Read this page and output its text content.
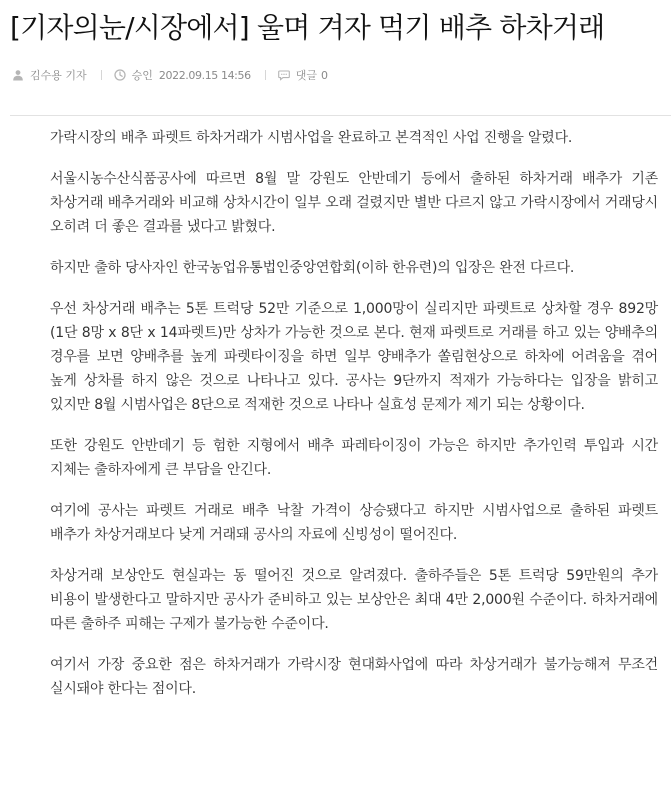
[기자의눈/시장에서] 울며 겨자 먹기 배추 하차거래
김수용 기자	승인 2022.09.15 14:56	댓글 0

가락시장의 배추 파렛트 하차거래가 시범사업을 완료하고 본격적인 사업 진행을 알렸다.

서울시농수산식품공사에 따르면 8월 말 강원도 안반데기 등에서 출하된 하차거래 배추가 기존 차상거래 배추거래와 비교해 상차시간이 일부 오래 걸렸지만 별반 다르지 않고 가락시장에서 거래당시 오히려 더 좋은 결과를 냈다고 밝혔다.

하지만 출하 당사자인 한국농업유통법인중앙연합회(이하 한유련)의 입장은 완전 다르다.

우선 차상거래 배추는 5톤 트럭당 52만 기준으로 1,000망이 실리지만 파렛트로 상차할 경우 892망(1단 8망 x 8단 x 14파렛트)만 상차가 가능한 것으로 본다. 현재 파렛트로 거래를 하고 있는 양배추의 경우를 보면 양배추를 높게 파렛타이징을 하면 일부 양배추가 쏠림현상으로 하차에 어려움을 겪어 높게 상차를 하지 않은 것으로 나타나고 있다. 공사는 9단까지 적재가 가능하다는 입장을 밝히고 있지만 8월 시범사업은 8단으로 적재한 것으로 나타나 실효성 문제가 제기 되는 상황이다.

또한 강원도 안반데기 등 험한 지형에서 배추 파레타이징이 가능은 하지만 추가인력 투입과 시간 지체는 출하자에게 큰 부담을 안긴다.

여기에 공사는 파렛트 거래로 배추 낙찰 가격이 상승됐다고 하지만 시범사업으로 출하된 파렛트 배추가 차상거래보다 낮게 거래돼 공사의 자료에 신빙성이 떨어진다.

차상거래 보상안도 현실과는 동 떨어진 것으로 알려졌다. 출하주들은 5톤 트럭당 59만원의 추가 비용이 발생한다고 말하지만 공사가 준비하고 있는 보상안은 최대 4만 2,000원 수준이다. 하차거래에 따른 출하주 피해는 구제가 불가능한 수준이다.

여기서 가장 중요한 점은 하차거래가 가락시장 현대화사업에 따라 차상거래가 불가능해져 무조건 실시돼야 한다는 점이다.
